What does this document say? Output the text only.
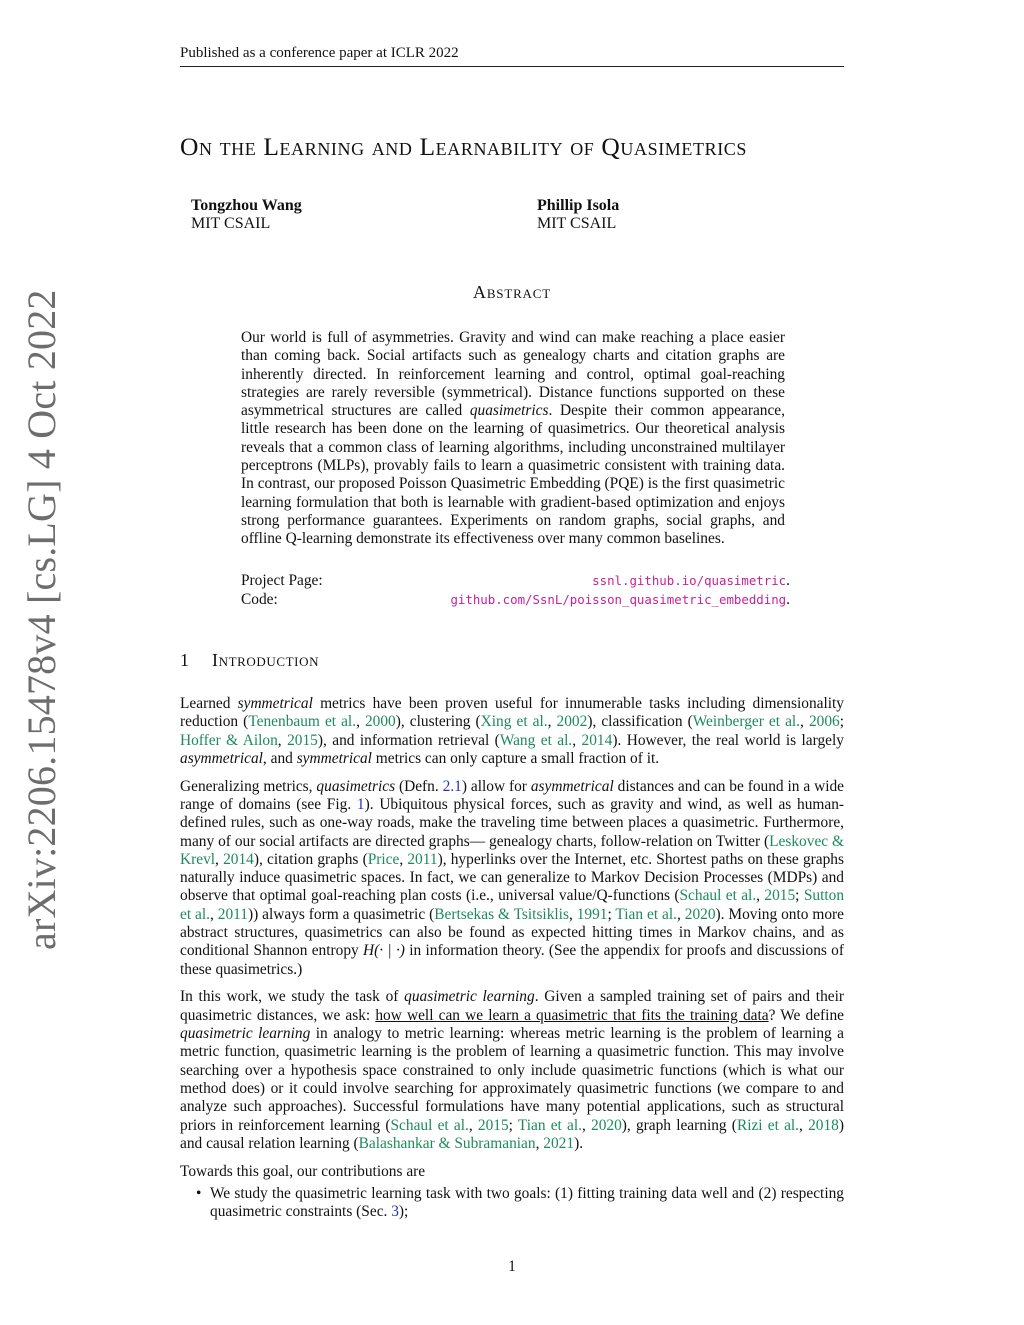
Published as a conference paper at ICLR 2022
arXiv:2206.15478v4 [cs.LG] 4 Oct 2022
On the Learning and Learnability of Quasimetrics
Tongzhou Wang
MIT CSAIL
Phillip Isola
MIT CSAIL
Abstract

Our world is full of asymmetries. Gravity and wind can make reaching a place easier than coming back. Social artifacts such as genealogy charts and citation graphs are inherently directed. In reinforcement learning and control, optimal goal-reaching strategies are rarely reversible (symmetrical). Distance functions supported on these asymmetrical structures are called quasimetrics. Despite their common appearance, little research has been done on the learning of quasimetrics. Our theoretical analysis reveals that a common class of learning algorithms, including unconstrained multilayer perceptrons (MLPs), provably fails to learn a quasimetric consistent with training data. In contrast, our proposed Poisson Quasimetric Embedding (PQE) is the first quasimetric learning formulation that both is learnable with gradient-based optimization and enjoys strong performance guarantees. Experiments on random graphs, social graphs, and offline Q-learning demonstrate its effectiveness over many common baselines.

Project Page:	ssnl.github.io/quasimetric.
Code:	github.com/SsnL/poisson_quasimetric_embedding.
1 Introduction

Learned symmetrical metrics have been proven useful for innumerable tasks including dimensionality reduction (Tenenbaum et al., 2000), clustering (Xing et al., 2002), classification (Weinberger et al., 2006; Hoffer & Ailon, 2015), and information retrieval (Wang et al., 2014). However, the real world is largely asymmetrical, and symmetrical metrics can only capture a small fraction of it.

Generalizing metrics, quasimetrics (Defn. 2.1) allow for asymmetrical distances and can be found in a wide range of domains (see Fig. 1). Ubiquitous physical forces, such as gravity and wind, as well as human-defined rules, such as one-way roads, make the traveling time between places a quasimetric. Furthermore, many of our social artifacts are directed graphs— genealogy charts, follow-relation on Twitter (Leskovec & Krevl, 2014), citation graphs (Price, 2011), hyperlinks over the Internet, etc. Shortest paths on these graphs naturally induce quasimetric spaces. In fact, we can generalize to Markov Decision Processes (MDPs) and observe that optimal goal-reaching plan costs (i.e., universal value/Q-functions (Schaul et al., 2015; Sutton et al., 2011)) always form a quasimetric (Bertsekas & Tsitsiklis, 1991; Tian et al., 2020). Moving onto more abstract structures, quasimetrics can also be found as expected hitting times in Markov chains, and as conditional Shannon entropy H(· | ·) in information theory. (See the appendix for proofs and discussions of these quasimetrics.)

In this work, we study the task of quasimetric learning. Given a sampled training set of pairs and their quasimetric distances, we ask: how well can we learn a quasimetric that fits the training data? We define quasimetric learning in analogy to metric learning: whereas metric learning is the problem of learning a metric function, quasimetric learning is the problem of learning a quasimetric function. This may involve searching over a hypothesis space constrained to only include quasimetric functions (which is what our method does) or it could involve searching for approximately quasimetric functions (we compare to and analyze such approaches). Successful formulations have many potential applications, such as structural priors in reinforcement learning (Schaul et al., 2015; Tian et al., 2020), graph learning (Rizi et al., 2018) and causal relation learning (Balashankar & Subramanian, 2021).

Towards this goal, our contributions are

• We study the quasimetric learning task with two goals: (1) fitting training data well and (2) respecting quasimetric constraints (Sec. 3);
1
